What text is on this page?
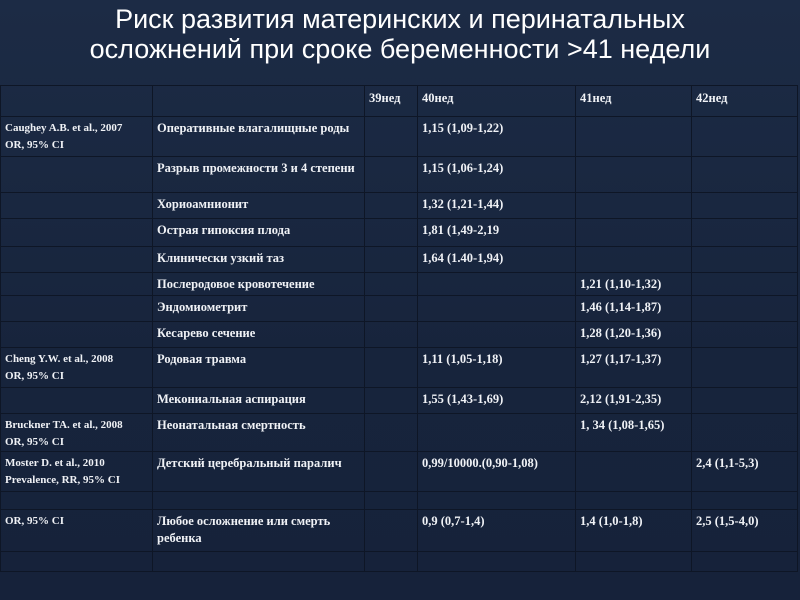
Риск развития материнских и перинатальных
осложнений при сроке беременности >41 недели
		39нед	40нед	41нед	42нед
Caughey A.B. et al., 2007
OR, 95% CI	Оперативные влагалищные роды		1,15 (1,09-1,22)		
	Разрыв промежности 3 и 4 степени		1,15 (1,06-1,24)		
	Хориоамнионит		1,32 (1,21-1,44)		
	Острая гипоксия плода		1,81 (1,49-2,19		
	Клинически узкий таз		1,64 (1.40-1,94)		
	Послеродовое кровотечение			1,21 (1,10-1,32)	
	Эндомиометрит			1,46 (1,14-1,87)	
	Кесарево сечение			1,28 (1,20-1,36)	
Cheng Y.W. et al., 2008
OR, 95% CI	Родовая травма		1,11 (1,05-1,18)	1,27 (1,17-1,37)	
	Мекониальная аспирация		1,55 (1,43-1,69)	2,12 (1,91-2,35)	
Bruckner TA. et al., 2008
OR, 95% CI	Неонатальная смертность			1, 34 (1,08-1,65)	
Moster D. et al., 2010
Prevalence, RR, 95% CI	Детский церебральный паралич		0,99/10000.(0,90-1,08)		2,4 (1,1-5,3)

OR, 95% CI	Любое осложнение или смерть ребенка		0,9 (0,7-1,4)	1,4 (1,0-1,8)	2,5 (1,5-4,0)
